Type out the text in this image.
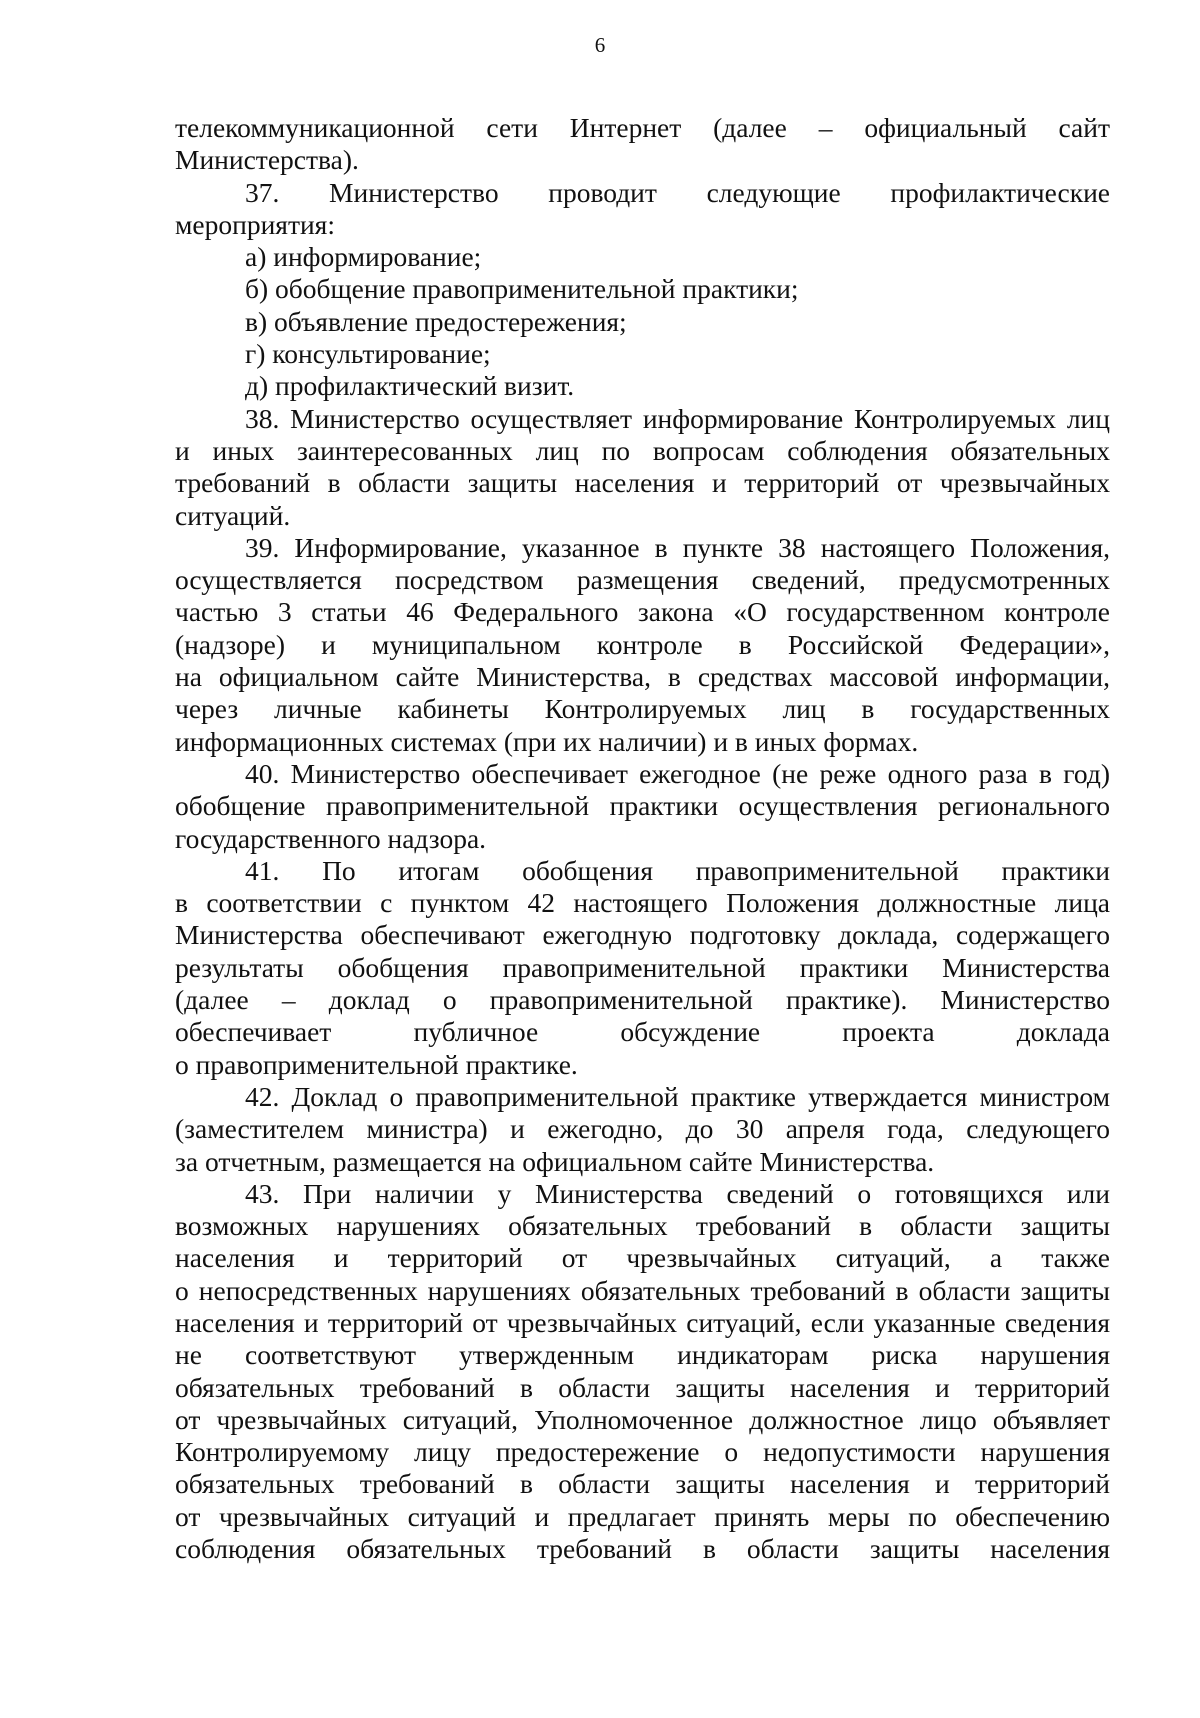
6
телекоммуникационной сети Интернет (далее – официальный сайт
Министерства).
37. Министерство проводит следующие профилактические
мероприятия:
а) информирование;
б) обобщение правоприменительной практики;
в) объявление предостережения;
г) консультирование;
д) профилактический визит.
38. Министерство осуществляет информирование Контролируемых лиц
и иных заинтересованных лиц по вопросам соблюдения обязательных
требований в области защиты населения и территорий от чрезвычайных
ситуаций.
39. Информирование, указанное в пункте 38 настоящего Положения,
осуществляется посредством размещения сведений, предусмотренных
частью 3 статьи 46 Федерального закона «О государственном контроле
(надзоре) и муниципальном контроле в Российской Федерации»,
на официальном сайте Министерства, в средствах массовой информации,
через личные кабинеты Контролируемых лиц в государственных
информационных системах (при их наличии) и в иных формах.
40. Министерство обеспечивает ежегодное (не реже одного раза в год)
обобщение правоприменительной практики осуществления регионального
государственного надзора.
41. По итогам обобщения правоприменительной практики
в соответствии с пунктом 42 настоящего Положения должностные лица
Министерства обеспечивают ежегодную подготовку доклада, содержащего
результаты обобщения правоприменительной практики Министерства
(далее – доклад о правоприменительной практике). Министерство
обеспечивает публичное обсуждение проекта доклада
о правоприменительной практике.
42. Доклад о правоприменительной практике утверждается министром
(заместителем министра) и ежегодно, до 30 апреля года, следующего
за отчетным, размещается на официальном сайте Министерства.
43. При наличии у Министерства сведений о готовящихся или
возможных нарушениях обязательных требований в области защиты
населения и территорий от чрезвычайных ситуаций, а также
о непосредственных нарушениях обязательных требований в области защиты
населения и территорий от чрезвычайных ситуаций, если указанные сведения
не соответствуют утвержденным индикаторам риска нарушения
обязательных требований в области защиты населения и территорий
от чрезвычайных ситуаций, Уполномоченное должностное лицо объявляет
Контролируемому лицу предостережение о недопустимости нарушения
обязательных требований в области защиты населения и территорий
от чрезвычайных ситуаций и предлагает принять меры по обеспечению
соблюдения обязательных требований в области защиты населения
